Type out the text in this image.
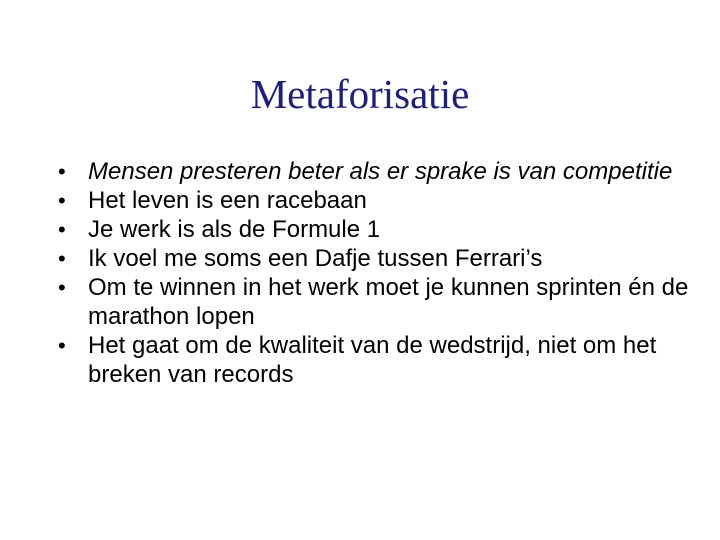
Metaforisatie
• Mensen presteren beter als er sprake is van competitie
• Het leven is een racebaan
• Je werk is als de Formule 1
• Ik voel me soms een Dafje tussen Ferrari’s
• Om te winnen in het werk moet je kunnen sprinten én de marathon lopen
• Het gaat om de kwaliteit van de wedstrijd, niet om het breken van records
